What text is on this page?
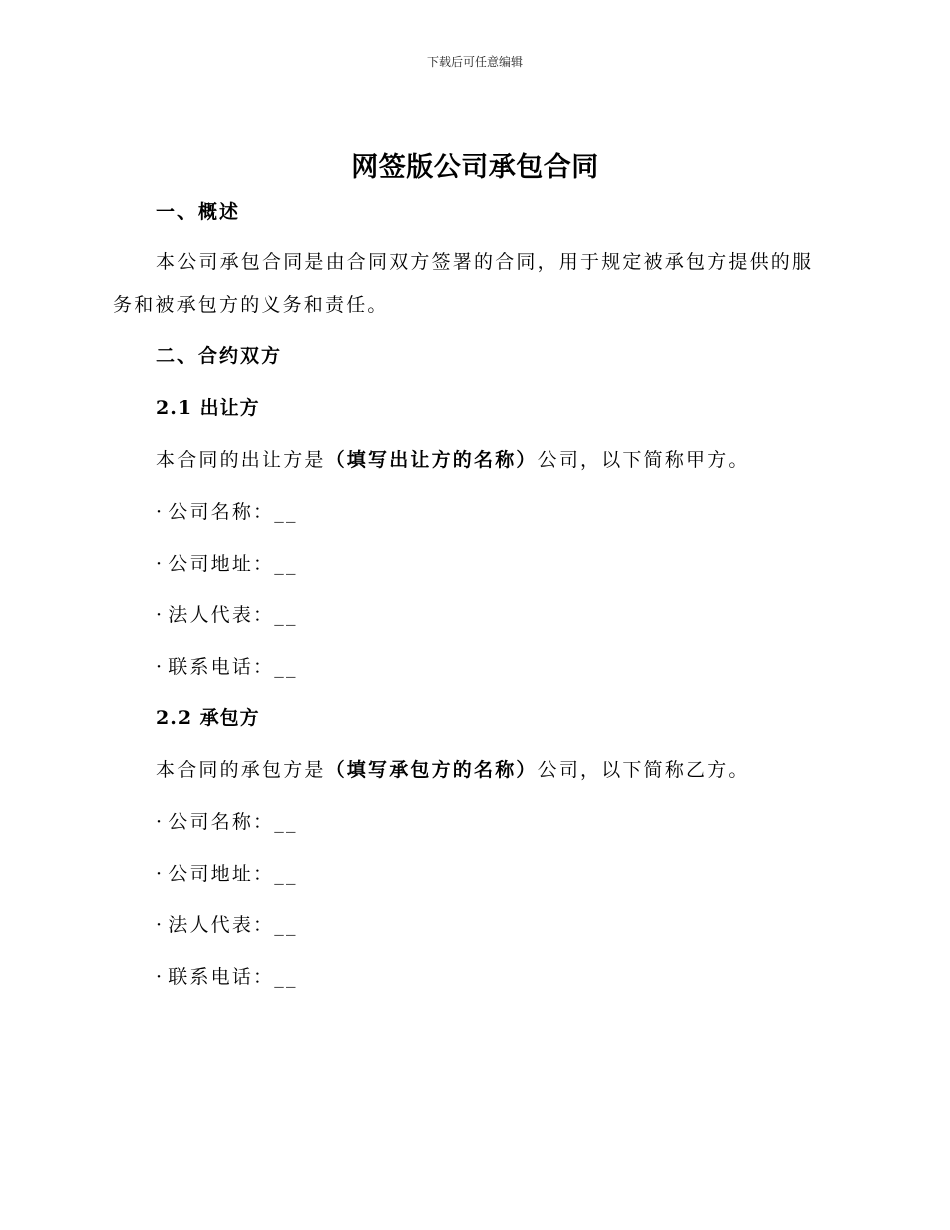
下载后可任意编辑
网签版公司承包合同
一、概述
本公司承包合同是由合同双方签署的合同，用于规定被承包方提供的服
务和被承包方的义务和责任。
二、合约双方
2.1 出让方
本合同的出让方是（填写出让方的名称）公司，以下简称甲方。
· 公司名称：__
· 公司地址：__
· 法人代表：__
· 联系电话：__
2.2 承包方
本合同的承包方是（填写承包方的名称）公司，以下简称乙方。
· 公司名称：__
· 公司地址：__
· 法人代表：__
· 联系电话：__
